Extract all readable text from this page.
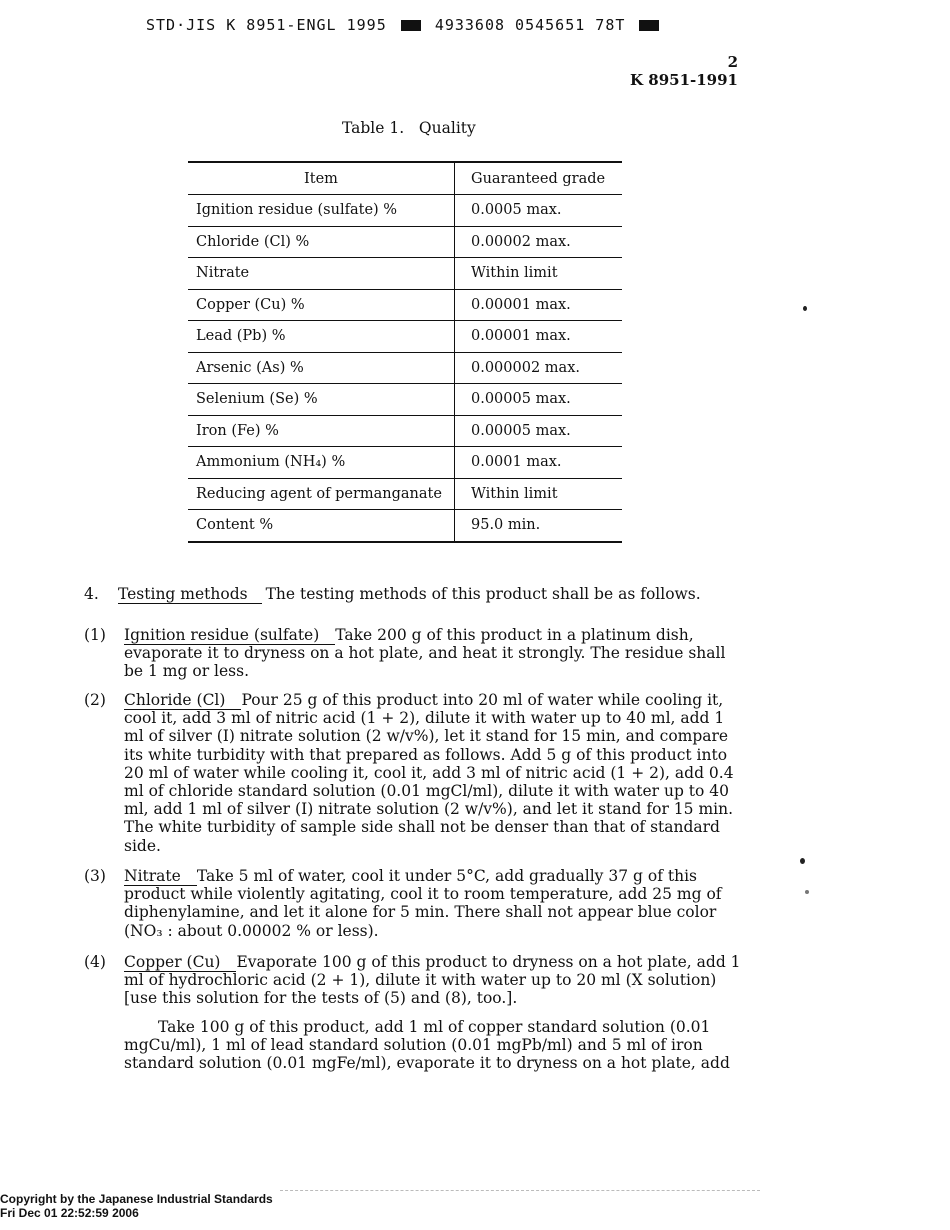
STD·JIS K 8951-ENGL 1995	4933608 0545651 78T
2
K 8951-1991
Table 1.   Quality
Item	Guaranteed grade
Ignition residue (sulfate) %	0.0005 max.
Chloride (Cl) %	0.00002 max.
Nitrate	Within limit
Copper (Cu) %	0.00001 max.
Lead (Pb) %	0.00001 max.
Arsenic (As) %	0.000002 max.
Selenium (Se) %	0.00005 max.
Iron (Fe) %	0.00005 max.
Ammonium (NH₄) %	0.0001 max.
Reducing agent of permanganate	Within limit
Content %	95.0 min.
4. Testing methods The testing methods of this product shall be as follows.
(1) Ignition residue (sulfate) Take 200 g of this product in a platinum dish, evaporate it to dryness on a hot plate, and heat it strongly. The residue shall be 1 mg or less.
(2) Chloride (Cl) Pour 25 g of this product into 20 ml of water while cooling it, cool it, add 3 ml of nitric acid (1 + 2), dilute it with water up to 40 ml, add 1 ml of silver (I) nitrate solution (2 w/v%), let it stand for 15 min, and compare its white turbidity with that prepared as follows. Add 5 g of this product into 20 ml of water while cooling it, cool it, add 3 ml of nitric acid (1 + 2), add 0.4 ml of chloride standard solution (0.01 mgCl/ml), dilute it with water up to 40 ml, add 1 ml of silver (I) nitrate solution (2 w/v%), and let it stand for 15 min. The white turbidity of sample side shall not be denser than that of standard side.
(3) Nitrate Take 5 ml of water, cool it under 5°C, add gradually 37 g of this product while violently agitating, cool it to room temperature, add 25 mg of diphenylamine, and let it alone for 5 min. There shall not appear blue color (NO₃ : about 0.00002 % or less).
(4) Copper (Cu) Evaporate 100 g of this product to dryness on a hot plate, add 1 ml of hydrochloric acid (2 + 1), dilute it with water up to 20 ml (X solution) [use this solution for the tests of (5) and (8), too.].
Take 100 g of this product, add 1 ml of copper standard solution (0.01 mgCu/ml), 1 ml of lead standard solution (0.01 mgPb/ml) and 5 ml of iron standard solution (0.01 mgFe/ml), evaporate it to dryness on a hot plate, add
Copyright by the Japanese Industrial Standards
Fri Dec 01 22:52:59 2006
